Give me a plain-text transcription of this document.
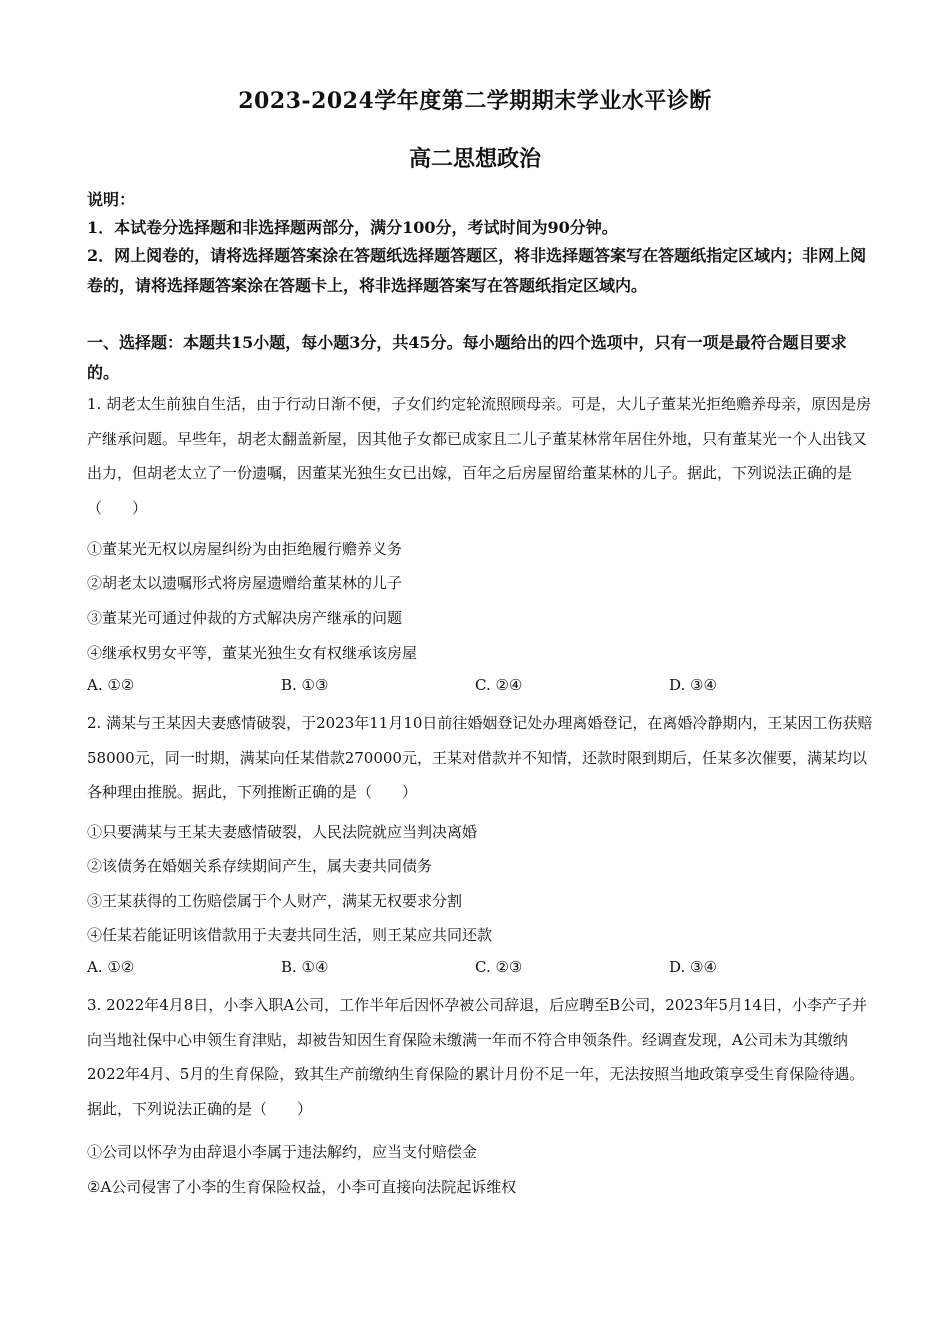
2023-2024学年度第二学期期末学业水平诊断
高二思想政治
说明：
1．本试卷分选择题和非选择题两部分，满分100分，考试时间为90分钟。
2．网上阅卷的，请将选择题答案涂在答题纸选择题答题区，将非选择题答案写在答题纸指定区域内；非网上阅卷的，请将选择题答案涂在答题卡上，将非选择题答案写在答题纸指定区域内。
一、选择题：本题共15小题，每小题3分，共45分。每小题给出的四个选项中，只有一项是最符合题目要求的。
1. 胡老太生前独自生活，由于行动日渐不便，子女们约定轮流照顾母亲。可是，大儿子董某光拒绝赡养母亲，原因是房产继承问题。早些年，胡老太翻盖新屋，因其他子女都已成家且二儿子董某林常年居住外地，只有董某光一个人出钱又出力，但胡老太立了一份遗嘱，因董某光独生女已出嫁，百年之后房屋留给董某林的儿子。据此，下列说法正确的是（　　）
①董某光无权以房屋纠纷为由拒绝履行赡养义务
②胡老太以遗嘱形式将房屋遗赠给董某林的儿子
③董某光可通过仲裁的方式解决房产继承的问题
④继承权男女平等，董某光独生女有权继承该房屋
A. ①②	B. ①③	C. ②④	D. ③④
2. 满某与王某因夫妻感情破裂，于2023年11月10日前往婚姻登记处办理离婚登记，在离婚冷静期内，王某因工伤获赔58000元，同一时期，满某向任某借款270000元，王某对借款并不知情，还款时限到期后，任某多次催要，满某均以各种理由推脱。据此，下列推断正确的是（　　）
①只要满某与王某夫妻感情破裂，人民法院就应当判决离婚
②该债务在婚姻关系存续期间产生，属夫妻共同债务
③王某获得的工伤赔偿属于个人财产，满某无权要求分割
④任某若能证明该借款用于夫妻共同生活，则王某应共同还款
A. ①②	B. ①④	C. ②③	D. ③④
3. 2022年4月8日，小李入职A公司，工作半年后因怀孕被公司辞退，后应聘至B公司，2023年5月14日，小李产子并向当地社保中心申领生育津贴，却被告知因生育保险未缴满一年而不符合申领条件。经调查发现，A公司未为其缴纳2022年4月、5月的生育保险，致其生产前缴纳生育保险的累计月份不足一年，无法按照当地政策享受生育保险待遇。据此，下列说法正确的是（　　）
①公司以怀孕为由辞退小李属于违法解约，应当支付赔偿金
②A公司侵害了小李的生育保险权益，小李可直接向法院起诉维权
